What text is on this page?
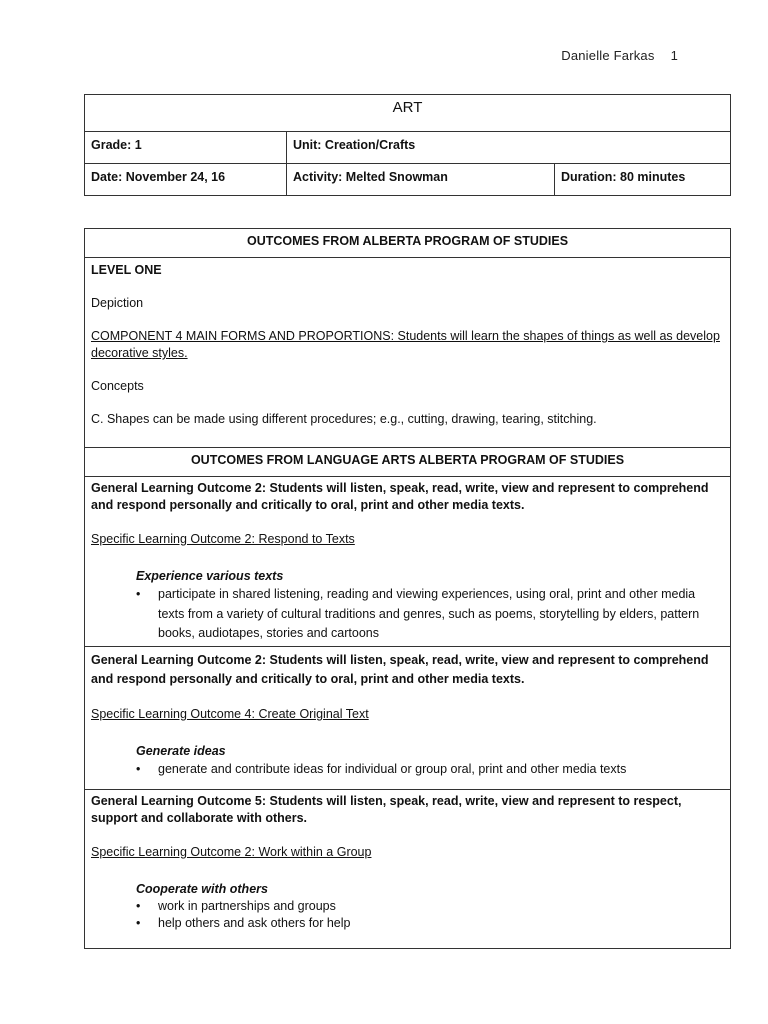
Danielle Farkas 1
ART		
Grade: 1	Unit: Creation/Crafts	
Date: November 24, 16	Activity: Melted Snowman	Duration: 80 minutes
OUTCOMES FROM ALBERTA PROGRAM OF STUDIES

LEVEL ONE

Depiction

COMPONENT 4 MAIN FORMS AND PROPORTIONS: Students will learn the shapes of things as well as develop decorative styles.

Concepts

C. Shapes can be made using different procedures; e.g., cutting, drawing, tearing, stitching.

OUTCOMES FROM LANGUAGE ARTS ALBERTA PROGRAM OF STUDIES

General Learning Outcome 2: Students will listen, speak, read, write, view and represent to comprehend and respond personally and critically to oral, print and other media texts.

Specific Learning Outcome 2: Respond to Texts

Experience various texts

• participate in shared listening, reading and viewing experiences, using oral, print and other media texts from a variety of cultural traditions and genres, such as poems, storytelling by elders, pattern books, audiotapes, stories and cartoons

General Learning Outcome 2: Students will listen, speak, read, write, view and represent to comprehend and respond personally and critically to oral, print and other media texts.

Specific Learning Outcome 4: Create Original Text

Generate ideas

• generate and contribute ideas for individual or group oral, print and other media texts

General Learning Outcome 5: Students will listen, speak, read, write, view and represent to respect, support and collaborate with others.

Specific Learning Outcome 2: Work within a Group

Cooperate with others

• work in partnerships and groups
• help others and ask others for help
